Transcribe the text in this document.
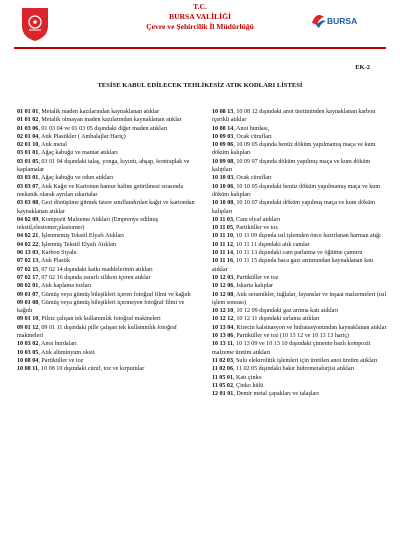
T.C.
BURSA VALİLİĞİ
Çevre ve Şehircilik İl Müdürlüğü
BURSA
EK-2
TESİSE KABUL EDİLECEK TEHLİKESİZ ATIK KODLARI LİSTESİ
01 01 01, Metalik maden kazılarından kaynaklanan atıklar
01 01 02, Metalik olmayan maden kazılarından kaynaklanan atıklar
01 03 06, 01 03 04 ve 01 03 05 dışındaki diğer maden atıkları
02 01 04, Atık Plastikler ( Ambalajlar Hariç)
02 01 10, Atık metal
03 01 01, Ağaç kabuğu ve mantar atıkları
03 01 05, 03 01 04 dışındaki talaş, yonga, kıyıntı, ahşap, kontraplak ve kaplamalar
03 03 01, Ağaç kabuğu ve odun atıkları
03 03 07, Atık Kağıt ve Kartonun hamur haline getirilmesi sırasında mekanik olarak ayrılan ıskartalar
03 03 08, Geri dönüşüme gitmek üzere sınıflandırılan kağıt ve kartondan kaynaklanan atıklar
04 02 09, Kompozit Malzeme Atıkları (Emprenye edilmiş tekstil,elestomer,plastomer)
04 02 21, İşlenmemiş Tekstil Elyafı Atıkları
04 02 22, İşlenmiş Tekstil Elyafı Atıkları
06 13 03, Karbon Siyahı
07 02 13, Atık Plastik
07 02 15, 07 02 14 dışındaki katkı maddelerinin atıkları
07 02 17, 07 02 16 dışında zararlı silikon içeren atıklar
08 02 01, Atık kaplama tozları
09 01 07, Gümüş veya gümüş bileşikleri içeren fotoğraf filmi ve kağıdı
09 01 08, Gümüş veya gümüş bileşikleri içermeyen fotoğraf filmi ve kağıdı
09 01 10, Pilsiz çalışan tek kullanımlık fotoğraf makineleri
09 01 12, 09 01 11 dışındaki pille çalışan tek kullanımlık fotoğraf makineleri
10 03 02, Anot hurdaları
10 03 05, Atık alüminyum oksit
10 08 04, Partiküller ve toz
10 08 11, 10 08 10 dışındaki cüruf, toz ve kırpıntılar
10 08 13, 10 08 12 dışındaki anot üretiminden kaynaklanan karbon içerikli atıklar
10 08 14, Anot hurdası,
10 09 03, Ocak cürufları
10 09 06, 10 09 05 dışında henüz döküm yapılmamış maça ve kum döküm kalıpları
10 09 08, 10 09 07 dışında döküm yapılmış maça ve kum döküm kalıpları
10 10 03, Ocak cürufları
10 10 06, 10 10 05 dışındaki henüz döküm yapılmamış maça ve kum döküm kalıpları
10 10 08, 10 10 07 dışındaki döküm yapılmış maça ve kum döküm kalıpları
10 11 03, Cam elyaf atıkları
10 11 05, Partiküller ve toz
10 11 10, 10 11 09 dışında ısıl işlemden önce hazırlanan harman atığı
10 11 12, 10 11 11 dışındaki atık camlar
10 11 14, 10 11 13 dışındaki cam parlatma ve öğütme çamuru
10 11 16, 10 11 15 dışında baca gazı arıtımından kaynaklanan katı atıklar
10 12 03, Partiküller ve toz
10 12 06, Iskarta kalıplar
10 12 08, Atık seramikler, tuğlalar, fayanslar ve inşaat malzemeleri (ısıl işlem sonrası)
10 12 10, 10 12 09 dışındaki gaz arıtma katı atıkları
10 12 12, 10 12 11 dışındaki sırlama atıkları
10 13 04, Kirecin kalsinasyon ve hidratasyonundan kaynaklanan atıklar
10 13 06, Partiküller ve toz (10 13 12 ve 10 13 13 hariç)
10 13 11, 10 13 09 ve 10 13 10 dışındaki çimento bazlı kompozit malzeme üretim atıkları
11 02 03, Sulu elektrolitik işlemleri için üretilen anot üretim atıkları
11 02 06, 11 02 05 dışındaki bakır hidrometalurjisi atıkları
11 05 01, Katı çinko
11 05 02, Çinko külü
12 01 01, Demir metal çapakları ve talaşları
